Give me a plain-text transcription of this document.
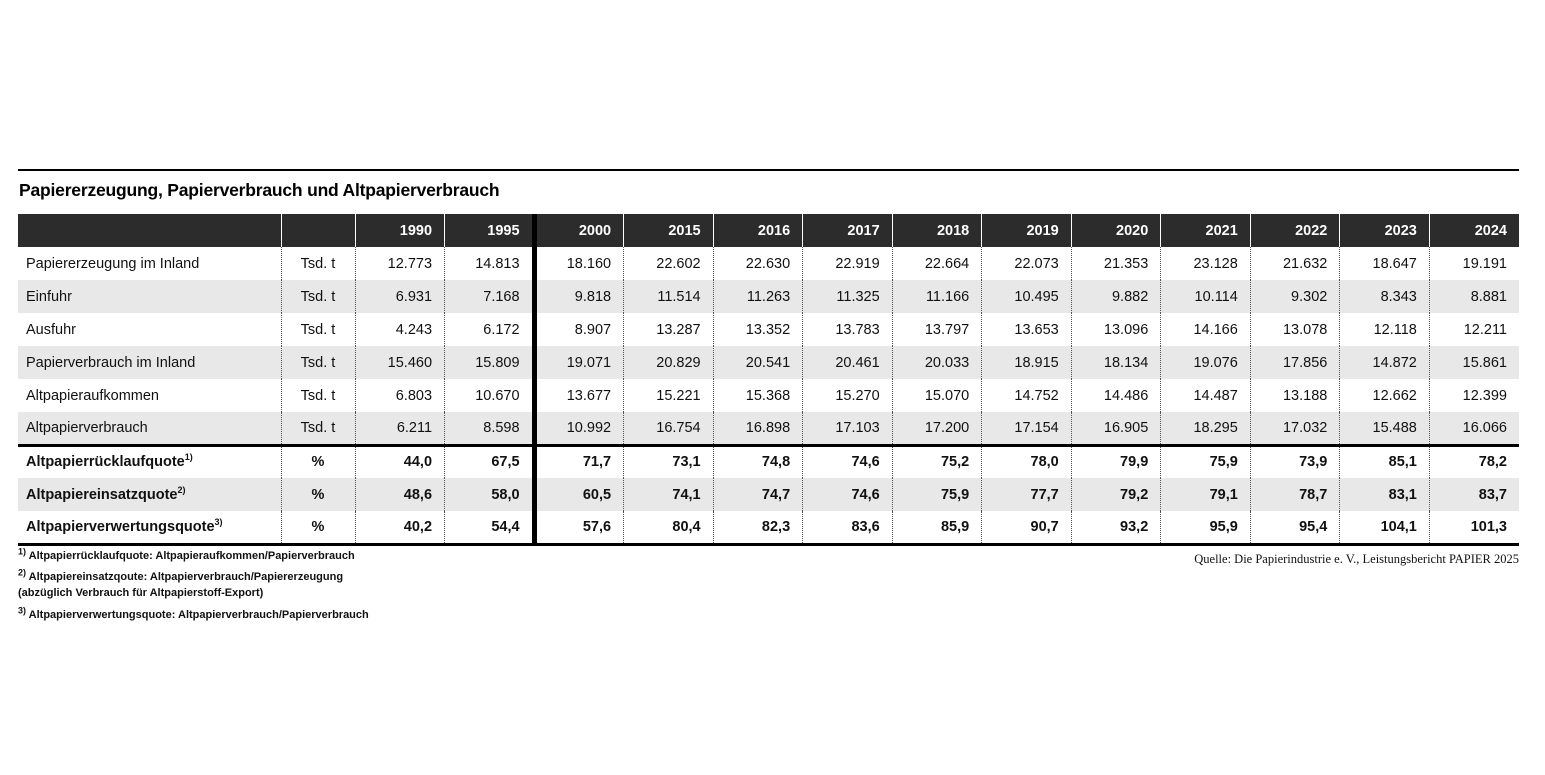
Papiererzeugung, Papierverbrauch und Altpapierverbrauch
		1990	1995	2000	2015	2016	2017	2018	2019	2020	2021	2022	2023	2024
Papiererzeugung im Inland	Tsd. t	12.773	14.813	18.160	22.602	22.630	22.919	22.664	22.073	21.353	23.128	21.632	18.647	19.191
Einfuhr	Tsd. t	6.931	7.168	9.818	11.514	11.263	11.325	11.166	10.495	9.882	10.114	9.302	8.343	8.881
Ausfuhr	Tsd. t	4.243	6.172	8.907	13.287	13.352	13.783	13.797	13.653	13.096	14.166	13.078	12.118	12.211
Papierverbrauch im Inland	Tsd. t	15.460	15.809	19.071	20.829	20.541	20.461	20.033	18.915	18.134	19.076	17.856	14.872	15.861
Altpapieraufkommen	Tsd. t	6.803	10.670	13.677	15.221	15.368	15.270	15.070	14.752	14.486	14.487	13.188	12.662	12.399
Altpapierverbrauch	Tsd. t	6.211	8.598	10.992	16.754	16.898	17.103	17.200	17.154	16.905	18.295	17.032	15.488	16.066
Altpapierrücklaufquote$^{1)}$	%	44,0	67,5	71,7	73,1	74,8	74,6	75,2	78,0	79,9	75,9	73,9	85,1	78,2
Altpapiereinsatzquote$^{2)}$	%	48,6	58,0	60,5	74,1	74,7	74,6	75,9	77,7	79,2	79,1	78,7	83,1	83,7
Altpapierverwertungsquote$^{3)}$	%	40,2	54,4	57,6	80,4	82,3	83,6	85,9	90,7	93,2	95,9	95,4	104,1	101,3

$^{1)}$ Altpapierrücklaufquote: Altpapieraufkommen/Papierverbrauch

$^{2)}$ Altpapiereinsatzqoute: Altpapierverbrauch/Papiererzeugung
(abzüglich Verbrauch für Altpapierstoff-Export)

$^{3)}$ Altpapierverwertungsquote: Altpapierverbrauch/Papierverbrauch

Quelle: Die Papierindustrie e. V., Leistungsbericht PAPIER 2025
